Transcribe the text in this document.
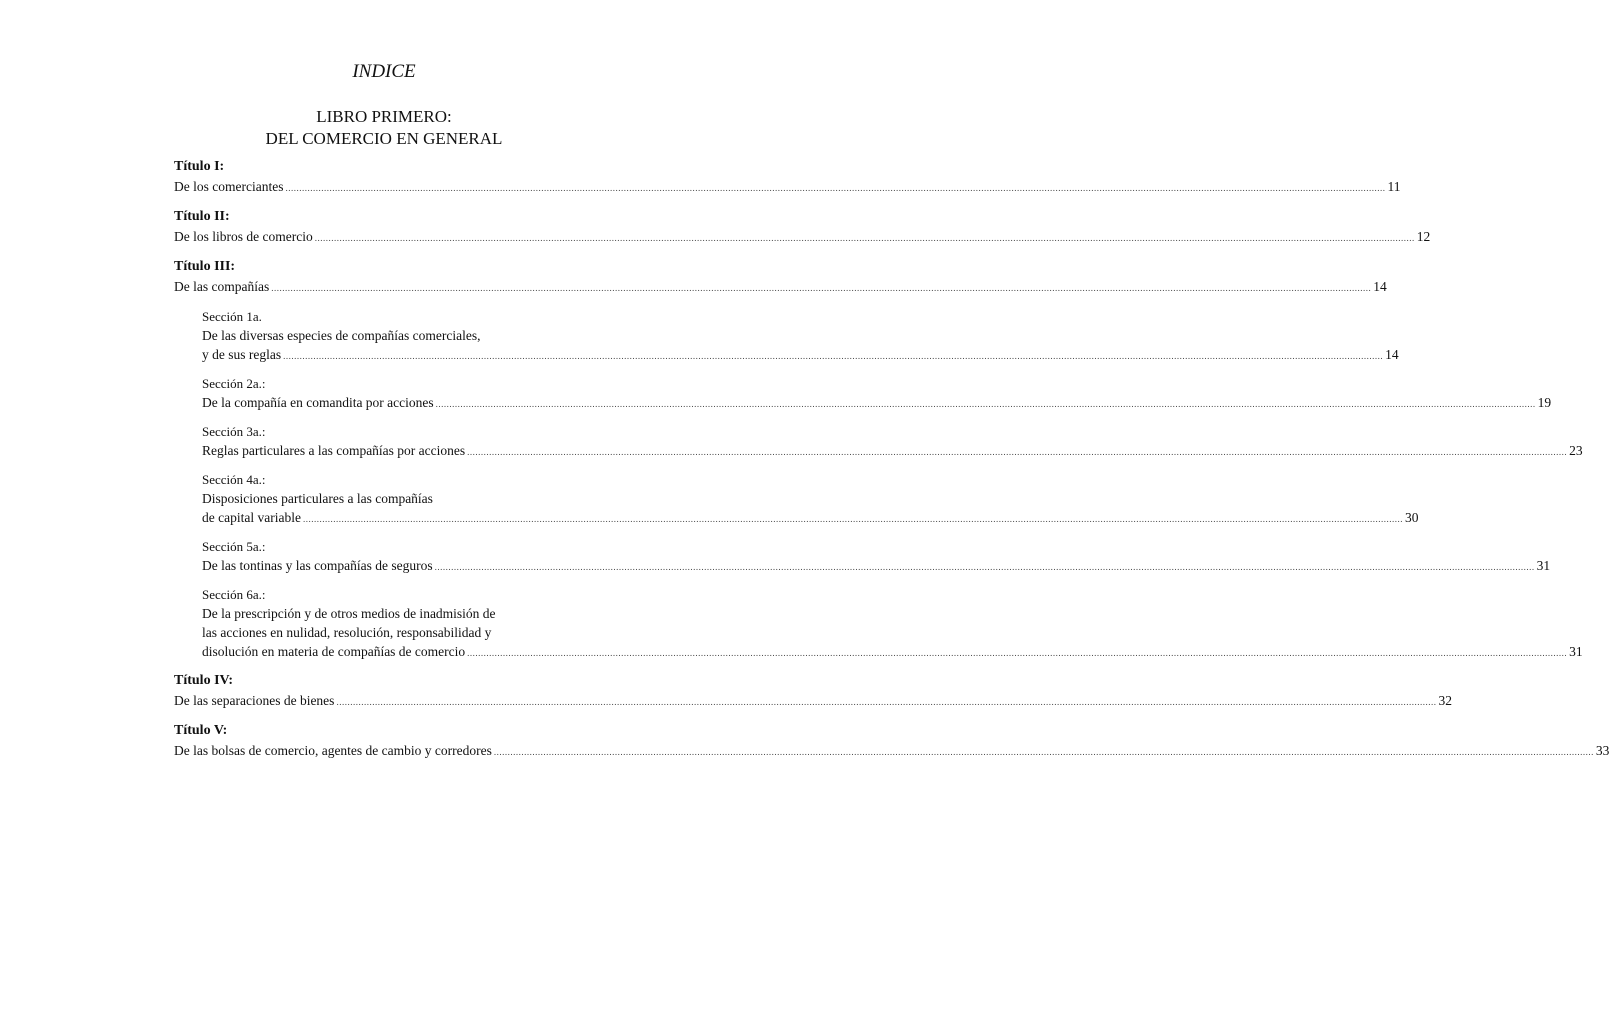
INDICE
LIBRO PRIMERO:
DEL COMERCIO EN GENERAL
Título I:
De los comerciantes ................................................................................................................................................................................................................................................................................................................................................................................................................ 11
Título II:
De los libros de comercio ................................................................................................................................................................................................................................................................................................................................................................................................................ 12
Título III:
De las compañías ................................................................................................................................................................................................................................................................................................................................................................................................................ 14
Sección 1a.
De las diversas especies de compañías comerciales,
y de sus reglas ................................................................................................................................................................................................................................................................................................................................................................................................................ 14
Sección 2a.:
De la compañía en comandita por acciones ................................................................................................................................................................................................................................................................................................................................................................................................................ 19
Sección 3a.:
Reglas particulares a las compañías por acciones ................................................................................................................................................................................................................................................................................................................................................................................................................ 23
Sección 4a.:
Disposiciones particulares a las compañías
de capital variable ................................................................................................................................................................................................................................................................................................................................................................................................................ 30
Sección 5a.:
De las tontinas y las compañías de seguros ................................................................................................................................................................................................................................................................................................................................................................................................................ 31
Sección 6a.:
De la prescripción y de otros medios de inadmisión de
las acciones en nulidad, resolución, responsabilidad y
disolución en materia de compañías de comercio ................................................................................................................................................................................................................................................................................................................................................................................................................ 31
Título IV:
De las separaciones de bienes ................................................................................................................................................................................................................................................................................................................................................................................................................ 32
Título V:
De las bolsas de comercio, agentes de cambio y corredores ................................................................................................................................................................................................................................................................................................................................................................................................................ 33
